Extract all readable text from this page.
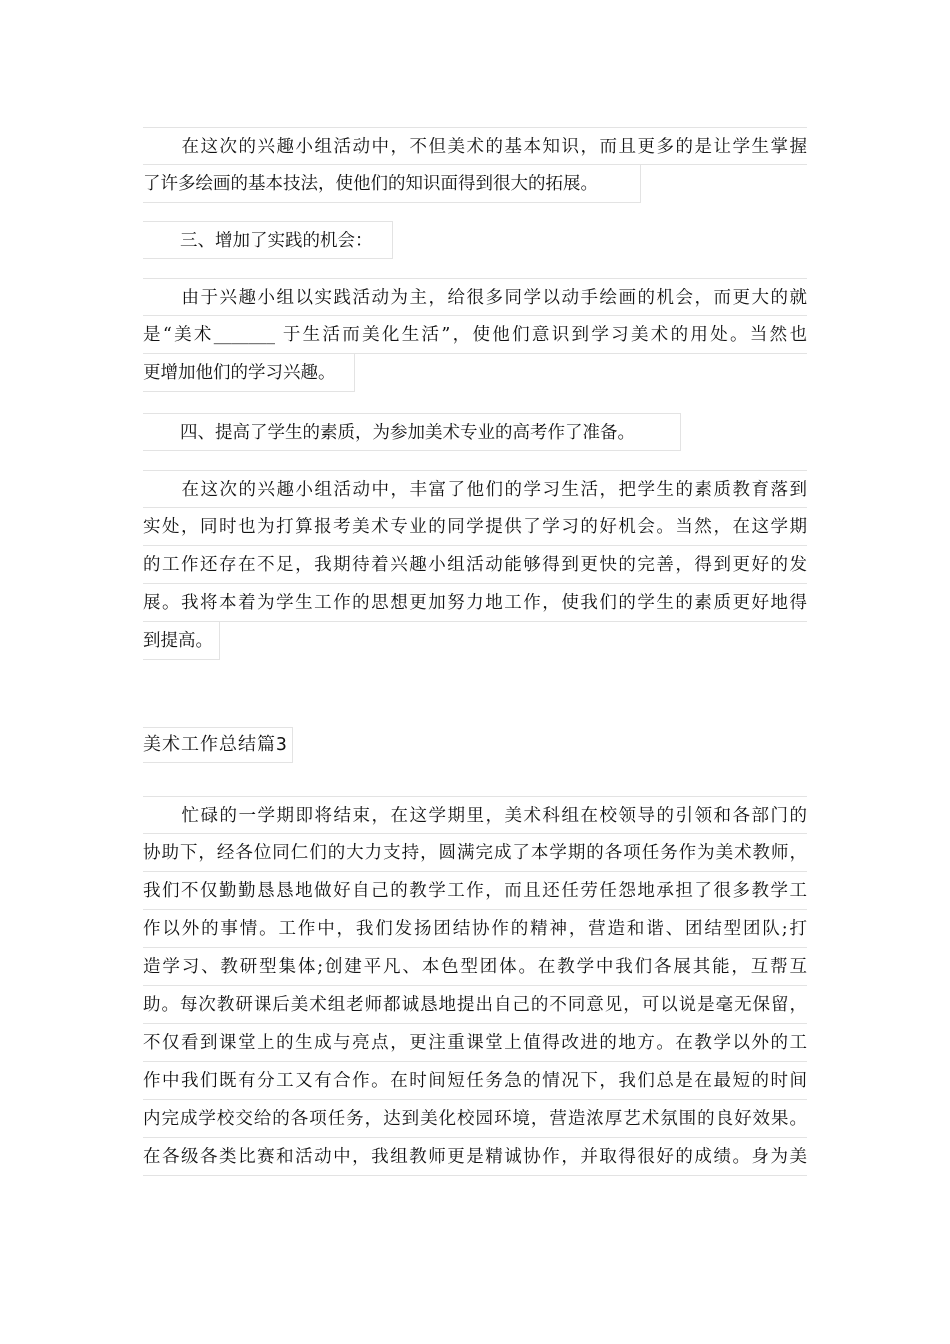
在这次的兴趣小组活动中，不但美术的基本知识，而且更多的是让学生掌握
了许多绘画的基本技法，使他们的知识面得到很大的拓展。
三、增加了实践的机会：
由于兴趣小组以实践活动为主，给很多同学以动手绘画的机会，而更大的就
是“美术_______ 于生活而美化生活”，使他们意识到学习美术的用处。当然也
更增加他们的学习兴趣。
四、提高了学生的素质，为参加美术专业的高考作了准备。
在这次的兴趣小组活动中，丰富了他们的学习生活，把学生的素质教育落到
实处，同时也为打算报考美术专业的同学提供了学习的好机会。当然，在这学期
的工作还存在不足，我期待着兴趣小组活动能够得到更快的完善，得到更好的发
展。我将本着为学生工作的思想更加努力地工作，使我们的学生的素质更好地得
到提高。
美术工作总结篇3
忙碌的一学期即将结束，在这学期里，美术科组在校领导的引领和各部门的
协助下，经各位同仁们的大力支持，圆满完成了本学期的各项任务作为美术教师，
我们不仅勤勤恳恳地做好自己的教学工作，而且还任劳任怨地承担了很多教学工
作以外的事情。工作中，我们发扬团结协作的精神，营造和谐、团结型团队;打
造学习、教研型集体;创建平凡、本色型团体。在教学中我们各展其能，互帮互
助。每次教研课后美术组老师都诚恳地提出自己的不同意见，可以说是毫无保留，
不仅看到课堂上的生成与亮点，更注重课堂上值得改进的地方。在教学以外的工
作中我们既有分工又有合作。在时间短任务急的情况下，我们总是在最短的时间
内完成学校交给的各项任务，达到美化校园环境，营造浓厚艺术氛围的良好效果。
在各级各类比赛和活动中，我组教师更是精诚协作，并取得很好的成绩。身为美
